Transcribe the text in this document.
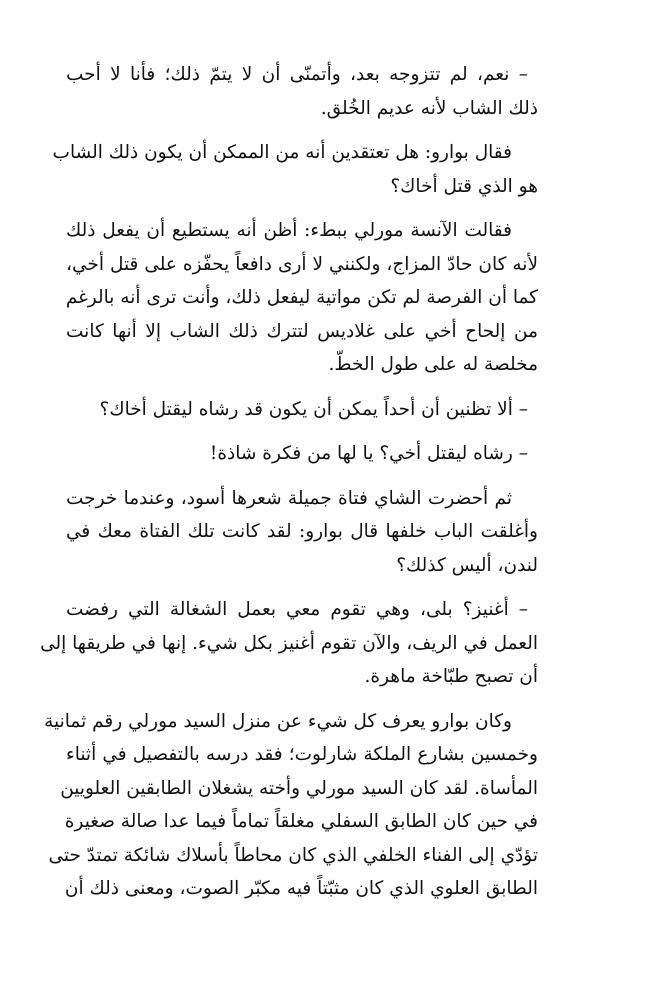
– نعم، لم تتزوجه بعد، وأتمنّى أن لا يتمّ ذلك؛ فأنا لا أحب
ذلك الشاب لأنه عديم الخُلق.

فقال بوارو: هل تعتقدين أنه من الممكن أن يكون ذلك الشاب
هو الذي قتل أخاك؟

فقالت الآنسة مورلي ببطء: أظن أنه يستطيع أن يفعل ذلك
لأنه كان حادّ المزاج، ولكنني لا أرى دافعاً يحفّزه على قتل أخي،
كما أن الفرصة لم تكن مواتية ليفعل ذلك، وأنت ترى أنه بالرغم
من إلحاح أخي على غلاديس لتترك ذلك الشاب إلا أنها كانت
مخلصة له على طول الخطّ.

– ألا تظنين أن أحداً يمكن أن يكون قد رشاه ليقتل أخاك؟

– رشاه ليقتل أخي؟ يا لها من فكرة شاذة!

ثم أحضرت الشاي فتاة جميلة شعرها أسود، وعندما خرجت
وأغلقت الباب خلفها قال بوارو: لقد كانت تلك الفتاة معك في
لندن، أليس كذلك؟

– أغنيز؟ بلى، وهي تقوم معي بعمل الشغالة التي رفضت
العمل في الريف، والآن تقوم أغنيز بكل شيء. إنها في طريقها إلى
أن تصبح طبّاخة ماهرة.

وكان بوارو يعرف كل شيء عن منزل السيد مورلي رقم ثمانية
وخمسين بشارع الملكة شارلوت؛ فقد درسه بالتفصيل في أثناء
المأساة. لقد كان السيد مورلي وأخته يشغلان الطابقين العلويين
في حين كان الطابق السفلي مغلقاً تماماً فيما عدا صالة صغيرة
تؤدّي إلى الفناء الخلفي الذي كان محاطاً بأسلاك شائكة تمتدّ حتى
الطابق العلوي الذي كان مثبّتاً فيه مكبّر الصوت، ومعنى ذلك أن
